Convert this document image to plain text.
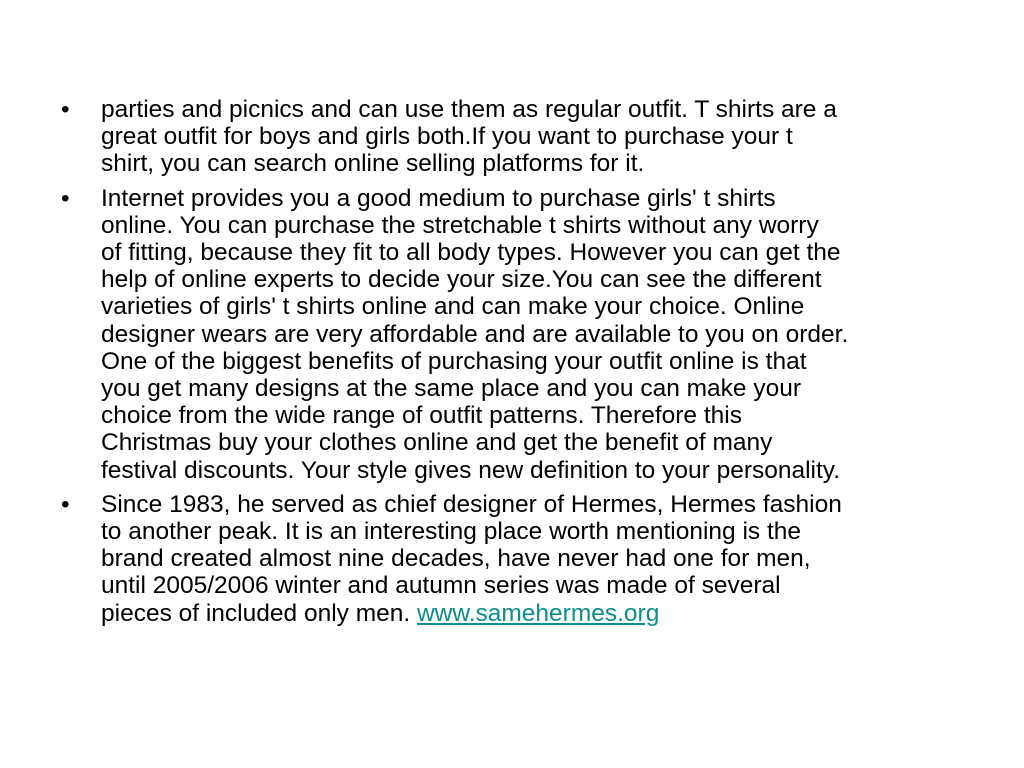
• parties and picnics and can use them as regular outfit. T shirts are a
great outfit for boys and girls both.If you want to purchase your t
shirt, you can search online selling platforms for it.
• Internet provides you a good medium to purchase girls' t shirts
online. You can purchase the stretchable t shirts without any worry
of fitting, because they fit to all body types. However you can get the
help of online experts to decide your size.You can see the different
varieties of girls' t shirts online and can make your choice. Online
designer wears are very affordable and are available to you on order.
One of the biggest benefits of purchasing your outfit online is that
you get many designs at the same place and you can make your
choice from the wide range of outfit patterns. Therefore this
Christmas buy your clothes online and get the benefit of many
festival discounts. Your style gives new definition to your personality.
• Since 1983, he served as chief designer of Hermes, Hermes fashion
to another peak. It is an interesting place worth mentioning is the
brand created almost nine decades, have never had one for men,
until 2005/2006 winter and autumn series was made of several
pieces of included only men. www.samehermes.org
